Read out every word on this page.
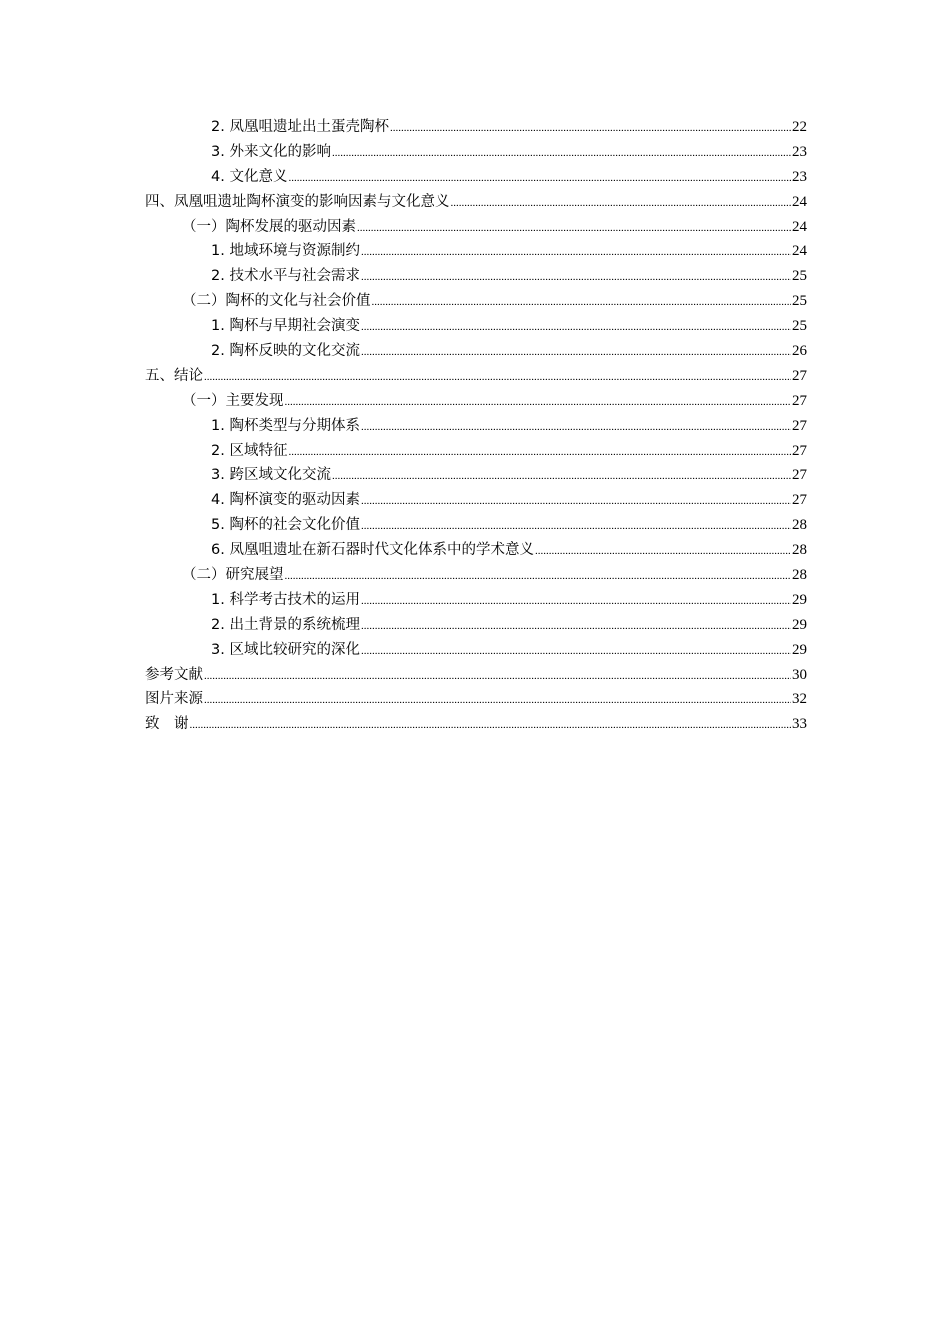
2. 凤凰咀遗址出土蛋壳陶杯 .....	22
3. 外来文化的影响 .....	23
4. 文化意义 .....	23
四、凤凰咀遗址陶杯演变的影响因素与文化意义 .....	24
（一）陶杯发展的驱动因素 .....	24
1. 地域环境与资源制约 .....	24
2. 技术水平与社会需求 .....	25
（二）陶杯的文化与社会价值 .....	25
1. 陶杯与早期社会演变 .....	25
2. 陶杯反映的文化交流 .....	26
五、结论 .....	27
（一）主要发现 .....	27
1. 陶杯类型与分期体系 .....	27
2. 区域特征 .....	27
3. 跨区域文化交流 .....	27
4. 陶杯演变的驱动因素 .....	27
5. 陶杯的社会文化价值 .....	28
6. 凤凰咀遗址在新石器时代文化体系中的学术意义 .....	28
（二）研究展望 .....	28
1. 科学考古技术的运用 .....	29
2. 出土背景的系统梳理 .....	29
3. 区域比较研究的深化 .....	29
参考文献 .....	30
图片来源 .....	32
致　谢 .....	33
